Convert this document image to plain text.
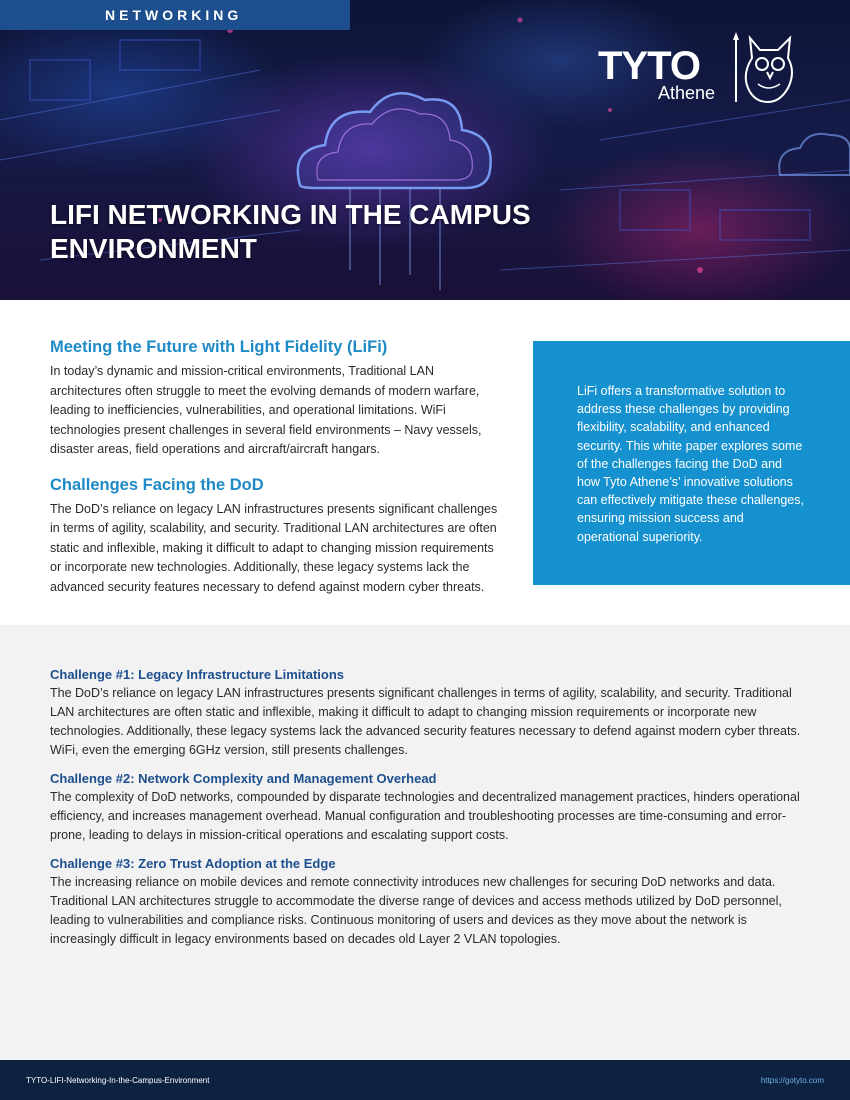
NETWORKING
TYTO
Athene
LIFI NETWORKING IN THE CAMPUS ENVIRONMENT
Meeting the Future with Light Fidelity (LiFi)

In today’s dynamic and mission-critical environments, Traditional LAN architectures often struggle to meet the evolving demands of modern warfare, leading to inefficiencies, vulnerabilities, and operational limitations. WiFi technologies present challenges in several field environments – Navy vessels, disaster areas, field operations and aircraft/aircraft hangars.

Challenges Facing the DoD

The DoD’s reliance on legacy LAN infrastructures presents significant challenges in terms of agility, scalability, and security. Traditional LAN architectures are often static and inflexible, making it difficult to adapt to changing mission requirements or incorporate new technologies. Additionally, these legacy systems lack the advanced security features necessary to defend against modern cyber threats.

LiFi offers a transformative solution to address these challenges by providing flexibility, scalability, and enhanced security. This white paper explores some of the challenges facing the DoD and how Tyto Athene’s’ innovative solutions can effectively mitigate these challenges, ensuring mission success and operational superiority.

Challenge #1: Legacy Infrastructure Limitations

The DoD’s reliance on legacy LAN infrastructures presents significant challenges in terms of agility, scalability, and security. Traditional LAN architectures are often static and inflexible, making it difficult to adapt to changing mission requirements or incorporate new technologies. Additionally, these legacy systems lack the advanced security features necessary to defend against modern cyber threats. WiFi, even the emerging 6GHz version, still presents challenges.

Challenge #2: Network Complexity and Management Overhead

The complexity of DoD networks, compounded by disparate technologies and decentralized management practices, hinders operational efficiency, and increases management overhead. Manual configuration and troubleshooting processes are time-consuming and error-prone, leading to delays in mission-critical operations and escalating support costs.

Challenge #3: Zero Trust Adoption at the Edge

The increasing reliance on mobile devices and remote connectivity introduces new challenges for securing DoD networks and data. Traditional LAN architectures struggle to accommodate the diverse range of devices and access methods utilized by DoD personnel, leading to vulnerabilities and compliance risks. Continuous monitoring of users and devices as they move about the network is increasingly difficult in legacy environments based on decades old Layer 2 VLAN topologies.

TYTO-LIFI-Networking-In-the-Campus-Environment	https://gotyto.com
